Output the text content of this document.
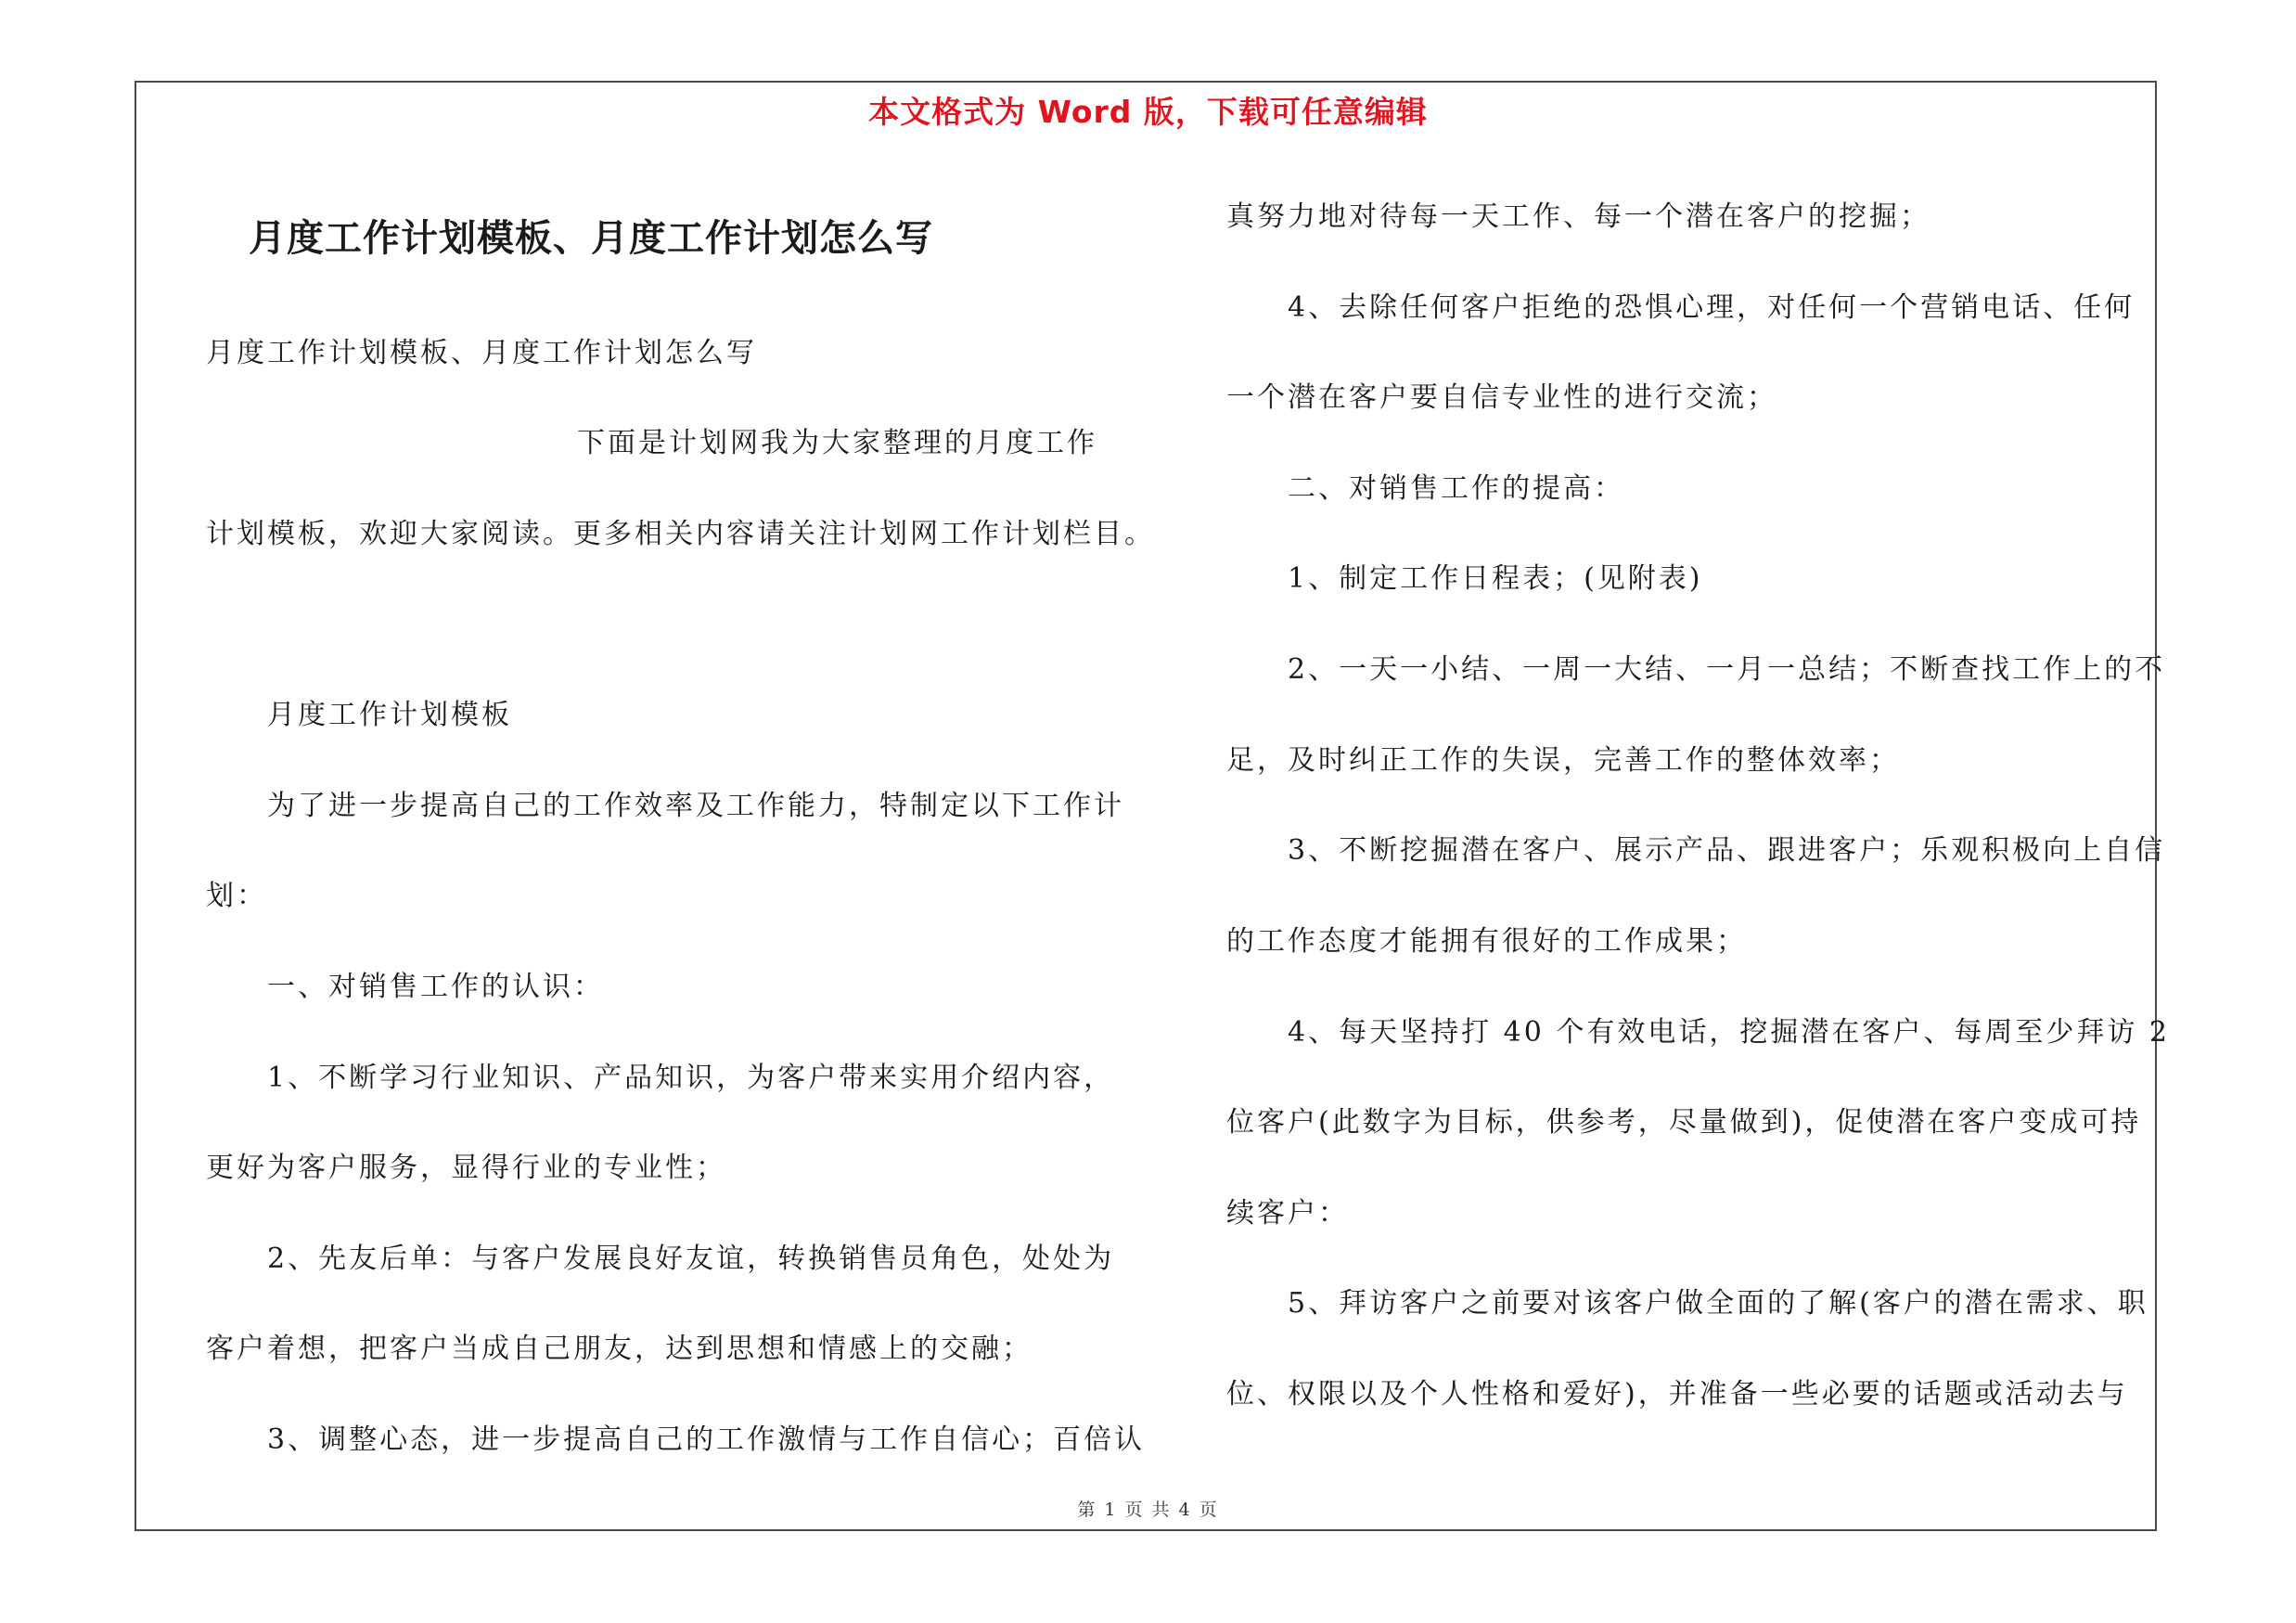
本文格式为 Word 版，下载可任意编辑
月度工作计划模板、月度工作计划怎么写
月度工作计划模板、月度工作计划怎么写
下面是计划网我为大家整理的月度工作
计划模板，欢迎大家阅读。更多相关内容请关注计划网工作计划栏目。
月度工作计划模板
为了进一步提高自己的工作效率及工作能力，特制定以下工作计
划：
一、对销售工作的认识：
1、不断学习行业知识、产品知识，为客户带来实用介绍内容，
更好为客户服务，显得行业的专业性；
2、先友后单：与客户发展良好友谊，转换销售员角色，处处为
客户着想，把客户当成自己朋友，达到思想和情感上的交融；
3、调整心态，进一步提高自己的工作激情与工作自信心；百倍认
真努力地对待每一天工作、每一个潜在客户的挖掘；
4、去除任何客户拒绝的恐惧心理，对任何一个营销电话、任何
一个潜在客户要自信专业性的进行交流；
二、对销售工作的提高：
1、制定工作日程表；(见附表)
2、一天一小结、一周一大结、一月一总结；不断查找工作上的不
足，及时纠正工作的失误，完善工作的整体效率；
3、不断挖掘潜在客户、展示产品、跟进客户；乐观积极向上自信
的工作态度才能拥有很好的工作成果；
4、每天坚持打 40 个有效电话，挖掘潜在客户、每周至少拜访 2
位客户(此数字为目标，供参考，尽量做到)，促使潜在客户变成可持
续客户：
5、拜访客户之前要对该客户做全面的了解(客户的潜在需求、职
位、权限以及个人性格和爱好)，并准备一些必要的话题或活动去与
第 1 页 共 4 页
